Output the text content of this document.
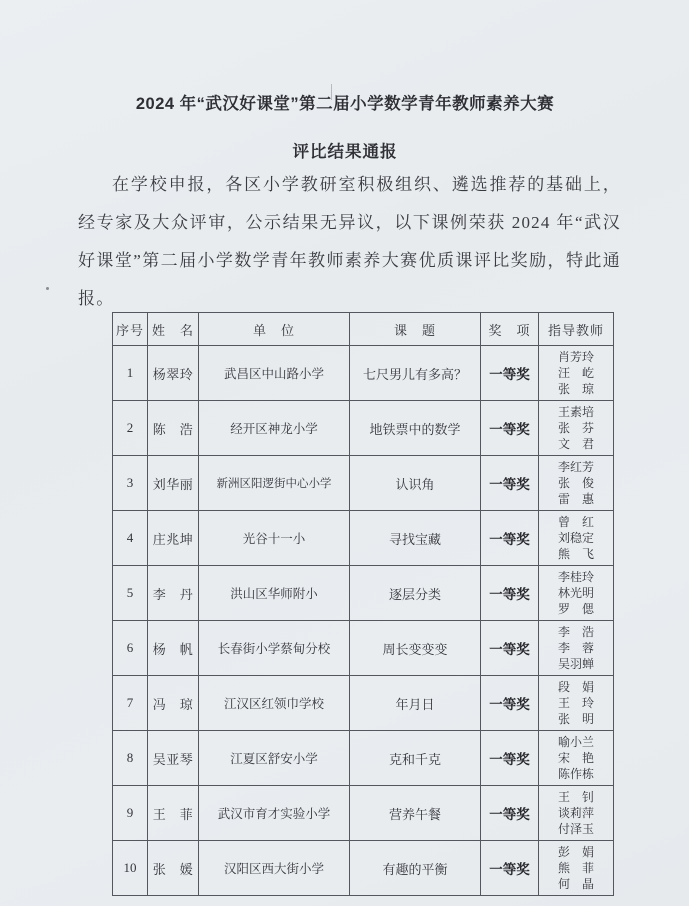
2024 年“武汉好课堂”第二届小学数学青年教师素养大赛
评比结果通报
在学校申报，各区小学教研室积极组织、遴选推荐的基础上，经专家及大众评审，公示结果无异议，以下课例荣获 2024 年“武汉好课堂”第二届小学数学青年教师素养大赛优质课评比奖励，特此通报。
序号	姓　名	单　位	课　题	奖　项	指导教师
1	杨翠玲	武昌区中山路小学	七尺男儿有多高？	一等奖	肖芳玲
汪　屹
张　琼

2	陈　浩	经开区神龙小学	地铁票中的数学	一等奖	王素培
张　芬
文　君

3	刘华丽	新洲区阳逻街中心小学	认识角	一等奖	李红芳
张　俊
雷　惠

4	庄兆坤	光谷十一小	寻找宝藏	一等奖	曾　红
刘稳定
熊　飞

5	李　丹	洪山区华师附小	逐层分类	一等奖	李桂玲
林光明
罗　偲

6	杨　帆	长春街小学蔡甸分校	周长变变变	一等奖	李　浩
李　蓉
吴羽蝉

7	冯　琼	江汉区红领巾学校	年月日	一等奖	段　娟
王　玲
张　明

8	吴亚琴	江夏区舒安小学	克和千克	一等奖	喻小兰
宋　艳
陈作栋

9	王　菲	武汉市育才实验小学	营养午餐	一等奖	王　钊
谈莉萍
付泽玉

10	张　媛	汉阳区西大街小学	有趣的平衡	一等奖	彭　娟
熊　菲
何　晶
